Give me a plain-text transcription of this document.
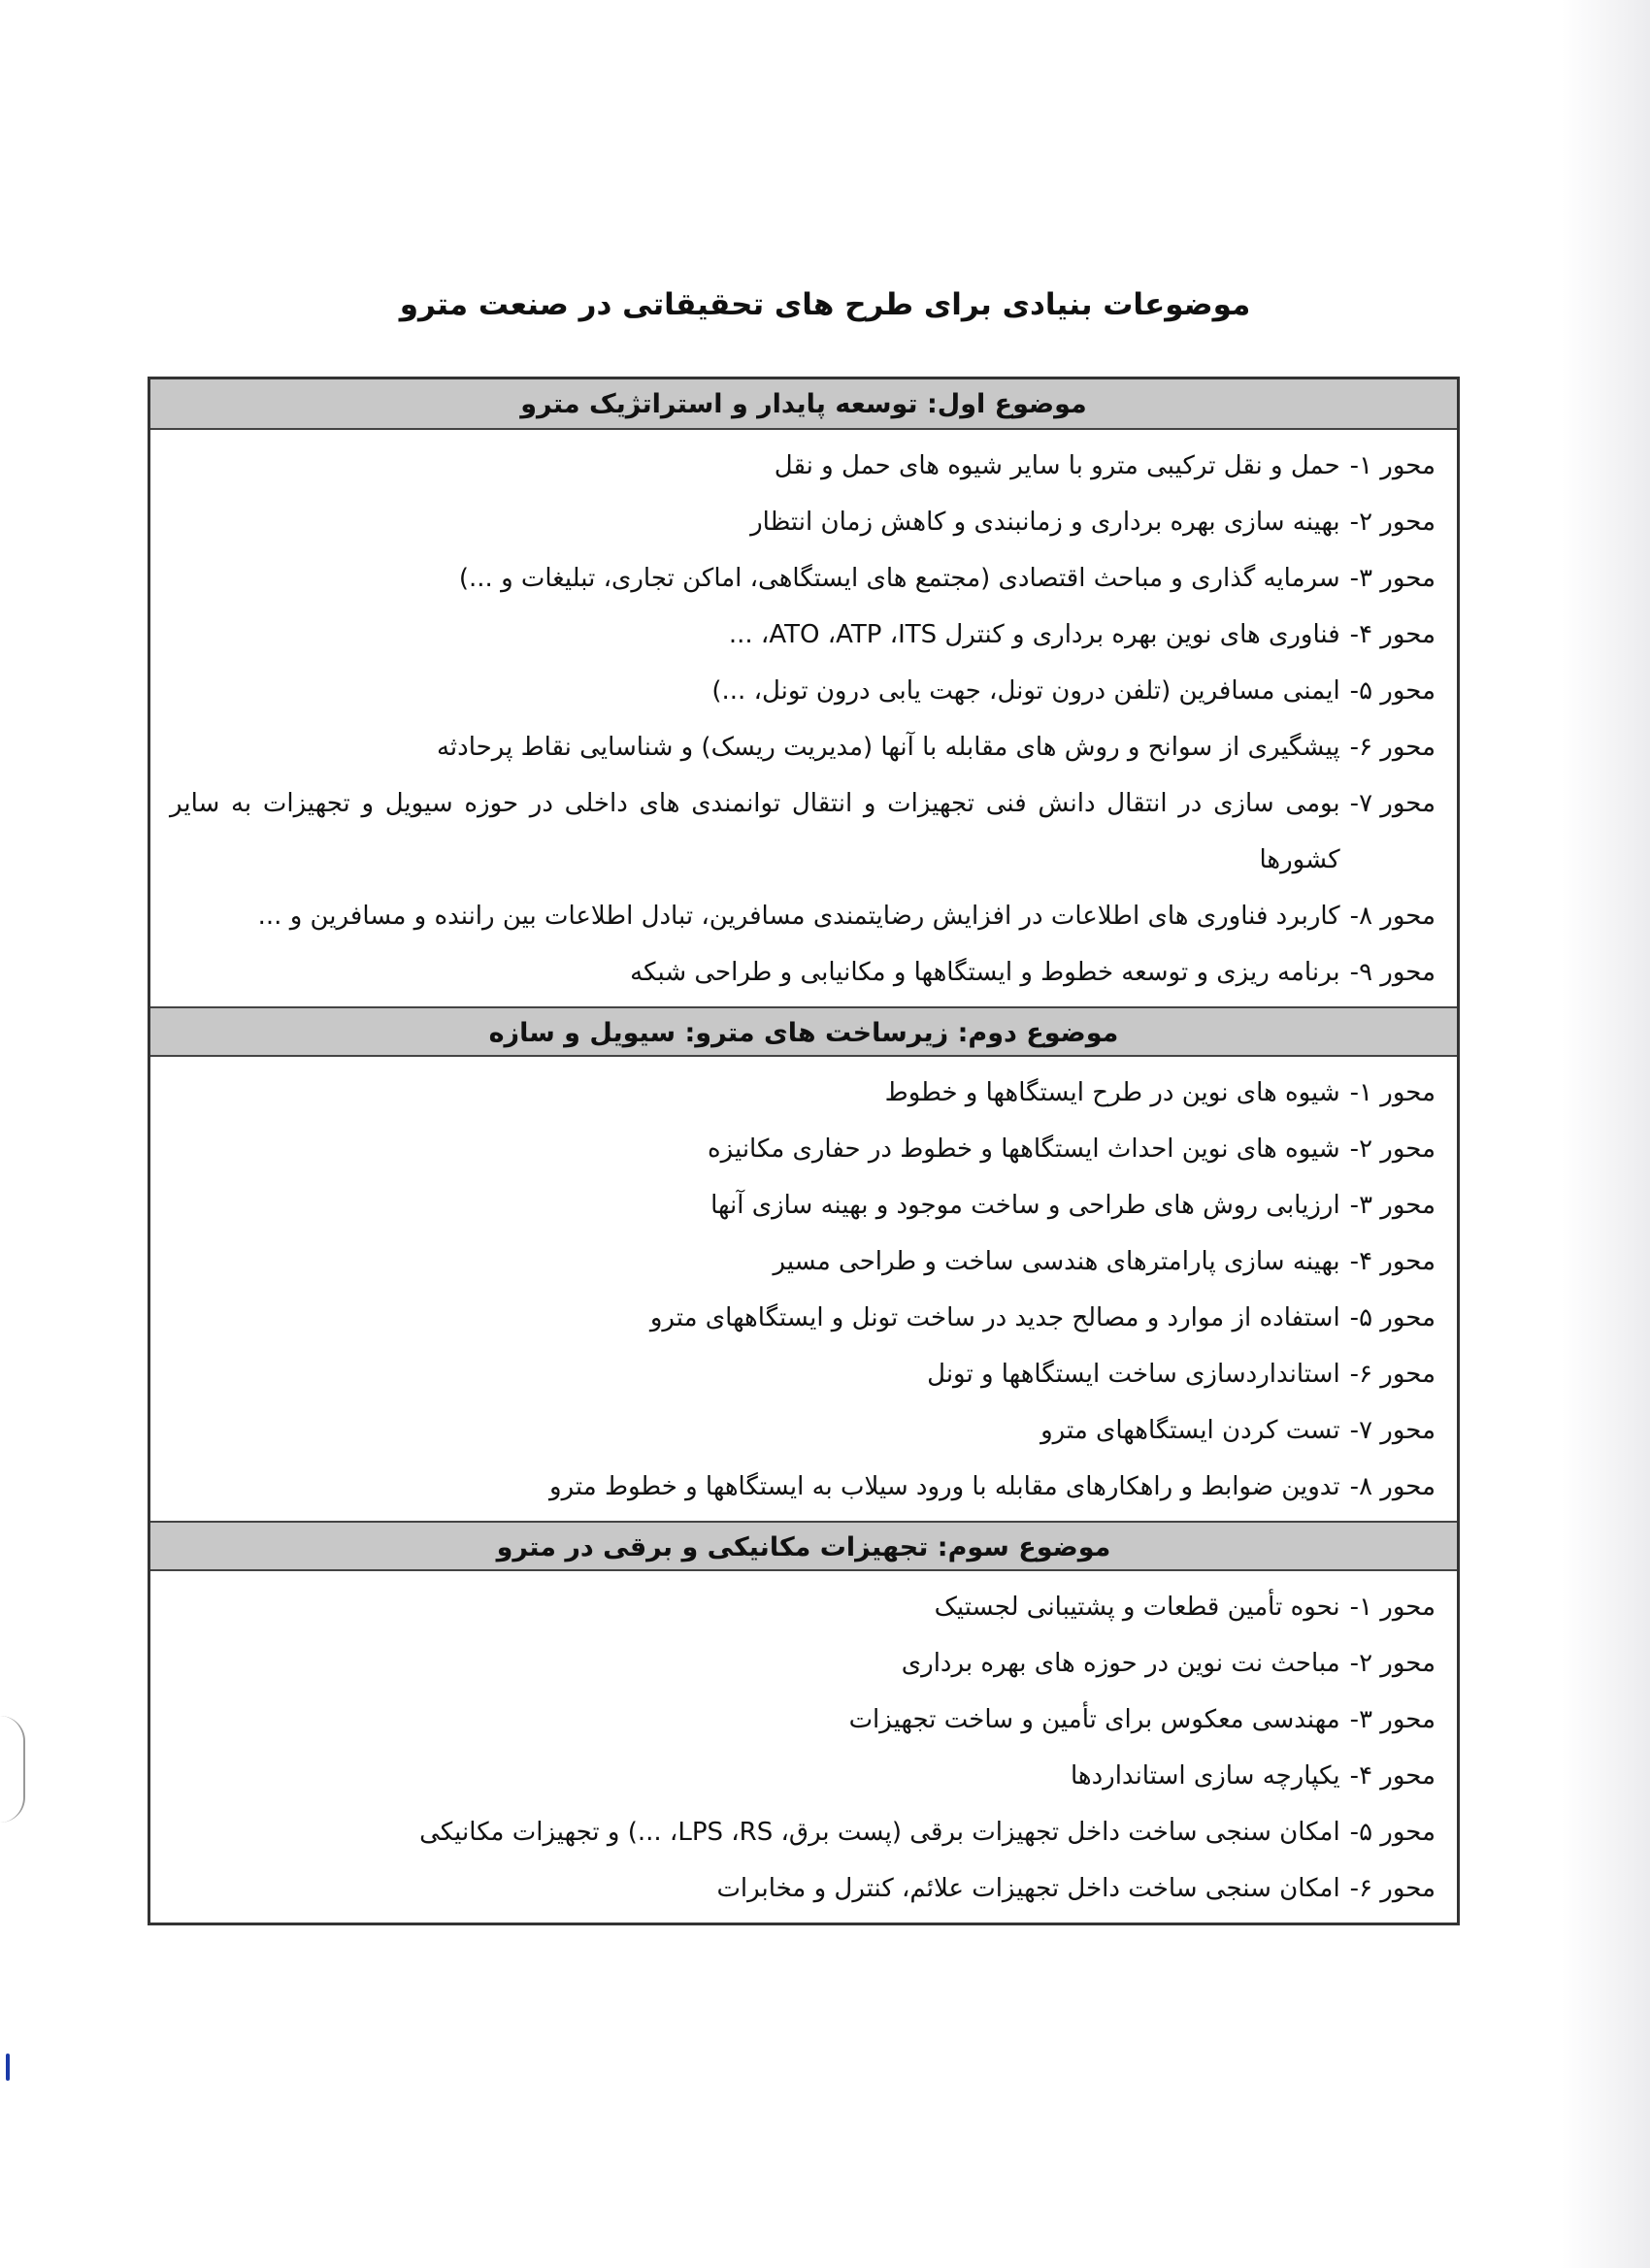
موضوعات بنیادی برای طرح های تحقیقاتی در صنعت مترو
موضوع اول: توسعه پایدار و استراتژیک مترو
محور ۱-
حمل و نقل ترکیبی مترو با سایر شیوه های حمل و نقل
محور ۲-
بهینه سازی بهره برداری و زمانبندی و کاهش زمان انتظار
محور ۳-
سرمایه گذاری و مباحث اقتصادی (مجتمع های ایستگاهی، اماکن تجاری، تبلیغات و ...)
محور ۴-
فناوری های نوین بهره برداری و کنترل ATO ،ATP ،ITS، ...
محور ۵-
ایمنی مسافرین (تلفن درون تونل، جهت یابی درون تونل، ...)
محور ۶-
پیشگیری از سوانح و روش های مقابله با آنها (مدیریت ریسک) و شناسایی نقاط پرحادثه
محور ۷-
بومی سازی در انتقال دانش فنی تجهیزات و انتقال توانمندی های داخلی در حوزه سیویل و تجهیزات به سایر کشورها
محور ۸-
کاربرد فناوری های اطلاعات در افزایش رضایتمندی مسافرین، تبادل اطلاعات بین راننده و مسافرین و ...
محور ۹-
برنامه ریزی و توسعه خطوط و ایستگاهها و مکانیابی و طراحی شبکه
موضوع دوم: زیرساخت های مترو: سیویل و سازه
محور ۱-
شیوه های نوین در طرح ایستگاهها و خطوط
محور ۲-
شیوه های نوین احداث ایستگاهها و خطوط در حفاری مکانیزه
محور ۳-
ارزیابی روش های طراحی و ساخت موجود و بهینه سازی آنها
محور ۴-
بهینه سازی پارامترهای هندسی ساخت و طراحی مسیر
محور ۵-
استفاده از موارد و مصالح جدید در ساخت تونل و ایستگاههای مترو
محور ۶-
استانداردسازی ساخت ایستگاهها و تونل
محور ۷-
تست کردن ایستگاههای مترو
محور ۸-
تدوین ضوابط و راهکارهای مقابله با ورود سیلاب به ایستگاهها و خطوط مترو
موضوع سوم: تجهیزات مکانیکی و برقی در مترو
محور ۱-
نحوه تأمین قطعات و پشتیبانی لجستیک
محور ۲-
مباحث نت نوین در حوزه های بهره برداری
محور ۳-
مهندسی معکوس برای تأمین و ساخت تجهیزات
محور ۴-
یکپارچه سازی استانداردها
محور ۵-
امکان سنجی ساخت داخل تجهیزات برقی (پست برق، LPS ،RS، ...) و تجهیزات مکانیکی
محور ۶-
امکان سنجی ساخت داخل تجهیزات علائم، کنترل و مخابرات
